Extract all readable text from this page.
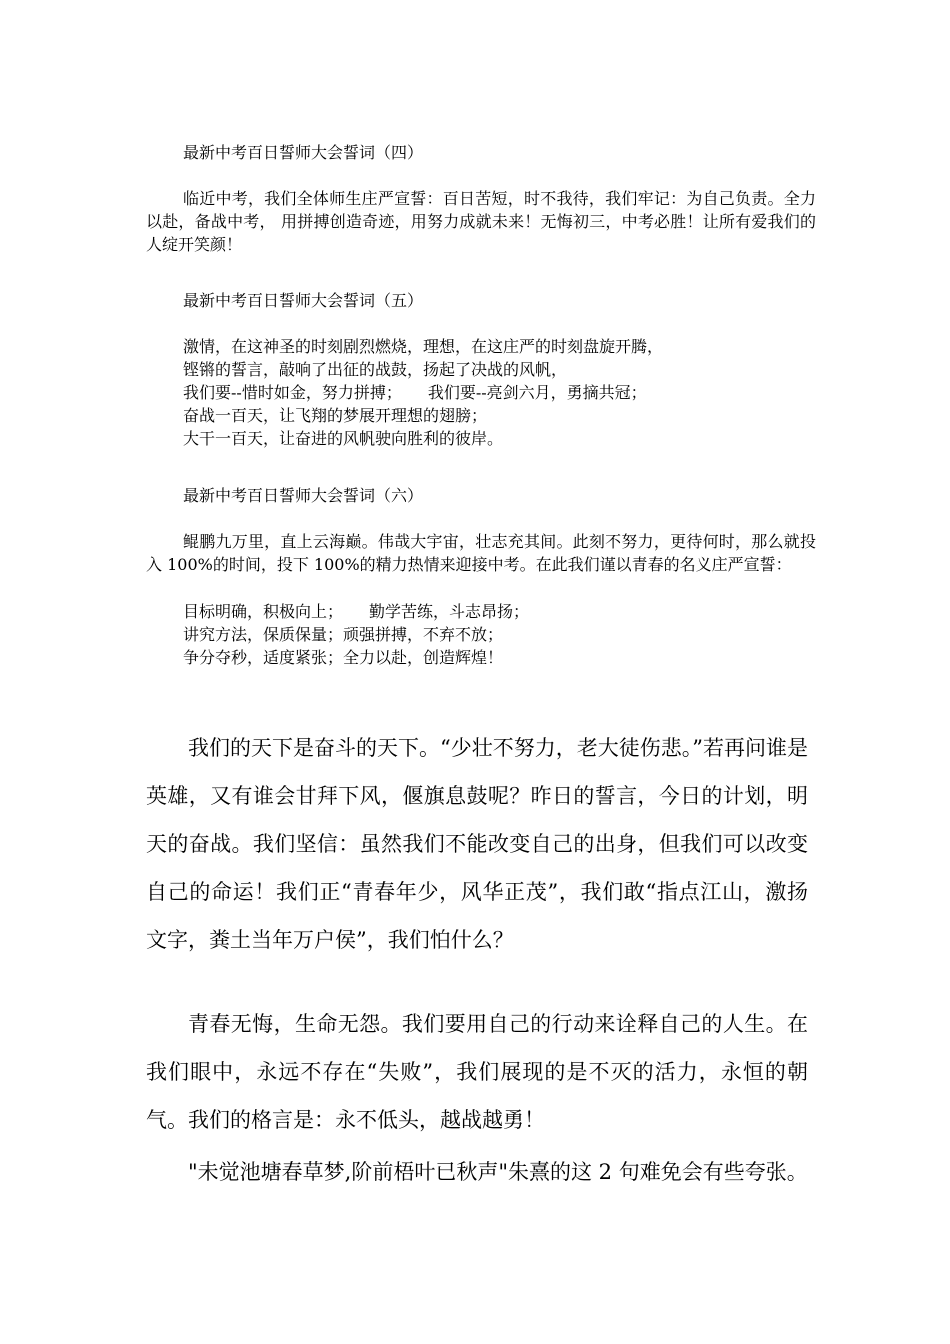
最新中考百日誓师大会誓词（四）
临近中考，我们全体师生庄严宣誓：百日苦短，时不我待，我们牢记：为自己负责。全力以赴，备战中考， 用拼搏创造奇迹，用努力成就未来！无悔初三，中考必胜！让所有爱我们的人绽开笑颜！
最新中考百日誓师大会誓词（五）
激情，在这神圣的时刻剧烈燃烧，理想，在这庄严的时刻盘旋开腾，
铿锵的誓言，敲响了出征的战鼓，扬起了决战的风帆，
我们要--惜时如金，努力拼搏； 我们要--亮剑六月，勇摘共冠；
奋战一百天，让飞翔的梦展开理想的翅膀；
大干一百天，让奋进的风帆驶向胜利的彼岸。
最新中考百日誓师大会誓词（六）
鲲鹏九万里，直上云海巅。伟哉大宇宙，壮志充其间。此刻不努力，更待何时，那么就投入 100%的时间，投下 100%的精力热情来迎接中考。在此我们谨以青春的名义庄严宣誓：
目标明确，积极向上； 勤学苦练，斗志昂扬；
讲究方法，保质保量；顽强拼搏，不弃不放；
争分夺秒，适度紧张；全力以赴，创造辉煌！

我们的天下是奋斗的天下。“少壮不努力，老大徒伤悲。”若再问谁是英雄，又有谁会甘拜下风，偃旗息鼓呢？昨日的誓言，今日的计划，明天的奋战。我们坚信：虽然我们不能改变自己的出身，但我们可以改变自己的命运！我们正“青春年少，风华正茂”，我们敢“指点江山，激扬文字，粪土当年万户侯”，我们怕什么？

青春无悔，生命无怨。我们要用自己的行动来诠释自己的人生。在我们眼中，永远不存在“失败”，我们展现的是不灭的活力，永恒的朝气。我们的格言是：永不低头，越战越勇！

"未觉池塘春草梦,阶前梧叶已秋声"朱熹的这 2 句难免会有些夸张。
